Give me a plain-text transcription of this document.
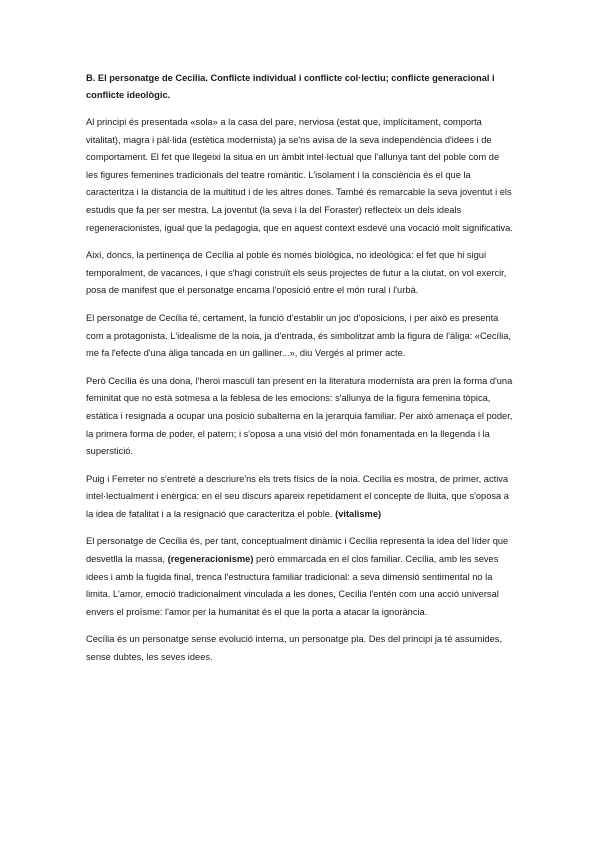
B. El personatge de Cecília. Conflicte individual i conflicte col·lectiu; conflicte generacional i conflicte ideològic.

Al principi és presentada «sola» a la casa del pare, nerviosa (estat que, implícitament, comporta vitalitat), magra i pàl·lida (estètica modernista) ja se'ns avisa de la seva independència d'idees i de comportament. El fet que llegeixi la situa en un àmbit intel·lectual que l'allunya tant del poble com de les figures femenines tradicionals del teatre romàntic. L'isolament i la consciència és el que la caracteritza i la distancia de la multitud i de les altres dones. També és remarcable la seva joventut i els estudis que fa per ser mestra. La joventut (la seva i la del Foraster) reflecteix un dels ideals regeneracionistes, igual que la pedagogia, que en aquest context esdevé una vocació molt significativa.

Així, doncs, la pertinença de Cecília al poble és només biològica, no ideològica: el fet que hi sigui temporalment, de vacances, i que s'hagi construït els seus projectes de futur a la ciutat, on vol exercir, posa de manifest que el personatge encarna l'oposició entre el món rural i l'urbà.

El personatge de Cecília té, certament, la funció d'establir un joc d'oposicions, i per això es presenta com a protagonista. L'idealisme de la noia, ja d'entrada, és simbolitzat amb la figura de l'àliga: «Cecília, me fa l'efecte d'una àliga tancada en un galliner...», diu Vergés al primer acte.

Però Cecília és una dona, l'heroi masculí tan present en la literatura modernista ara pren la forma d'una feminitat que no està sotmesa a la feblesa de les emocions: s'allunya de la figura femenina tòpica, estàtica i resignada a ocupar una posició subalterna en la jerarquia familiar. Per això amenaça el poder, la primera forma de poder, el patern; i s'oposa a una visió del món fonamentada en la llegenda i la superstició.

Puig i Ferreter no s'entreté a descriure'ns els trets físics de la noia. Cecília es mostra, de primer, activa intel·lectualment i enèrgica: en el seu discurs apareix repetidament el concepte de lluita, que s'oposa a la idea de fatalitat i a la resignació que caracteritza el poble. (vitalisme)

El personatge de Cecília és, per tant, conceptualment dinàmic i Cecília representa la idea del líder que desvetlla la massa, (regeneracionisme) però emmarcada en el clos familiar. Cecília, amb les seves idees i amb la fugida final, trenca l'estructura familiar tradicional: a seva dimensió sentimental no la limita. L'amor, emoció tradicionalment vinculada a les dones, Cecília l'entén com una acció universal envers el proïsme: l'amor per la humanitat és el que la porta a atacar la ignorància.

Cecília és un personatge sense evolució interna, un personatge pla. Des del principi ja té assumides, sense dubtes, les seves idees.
